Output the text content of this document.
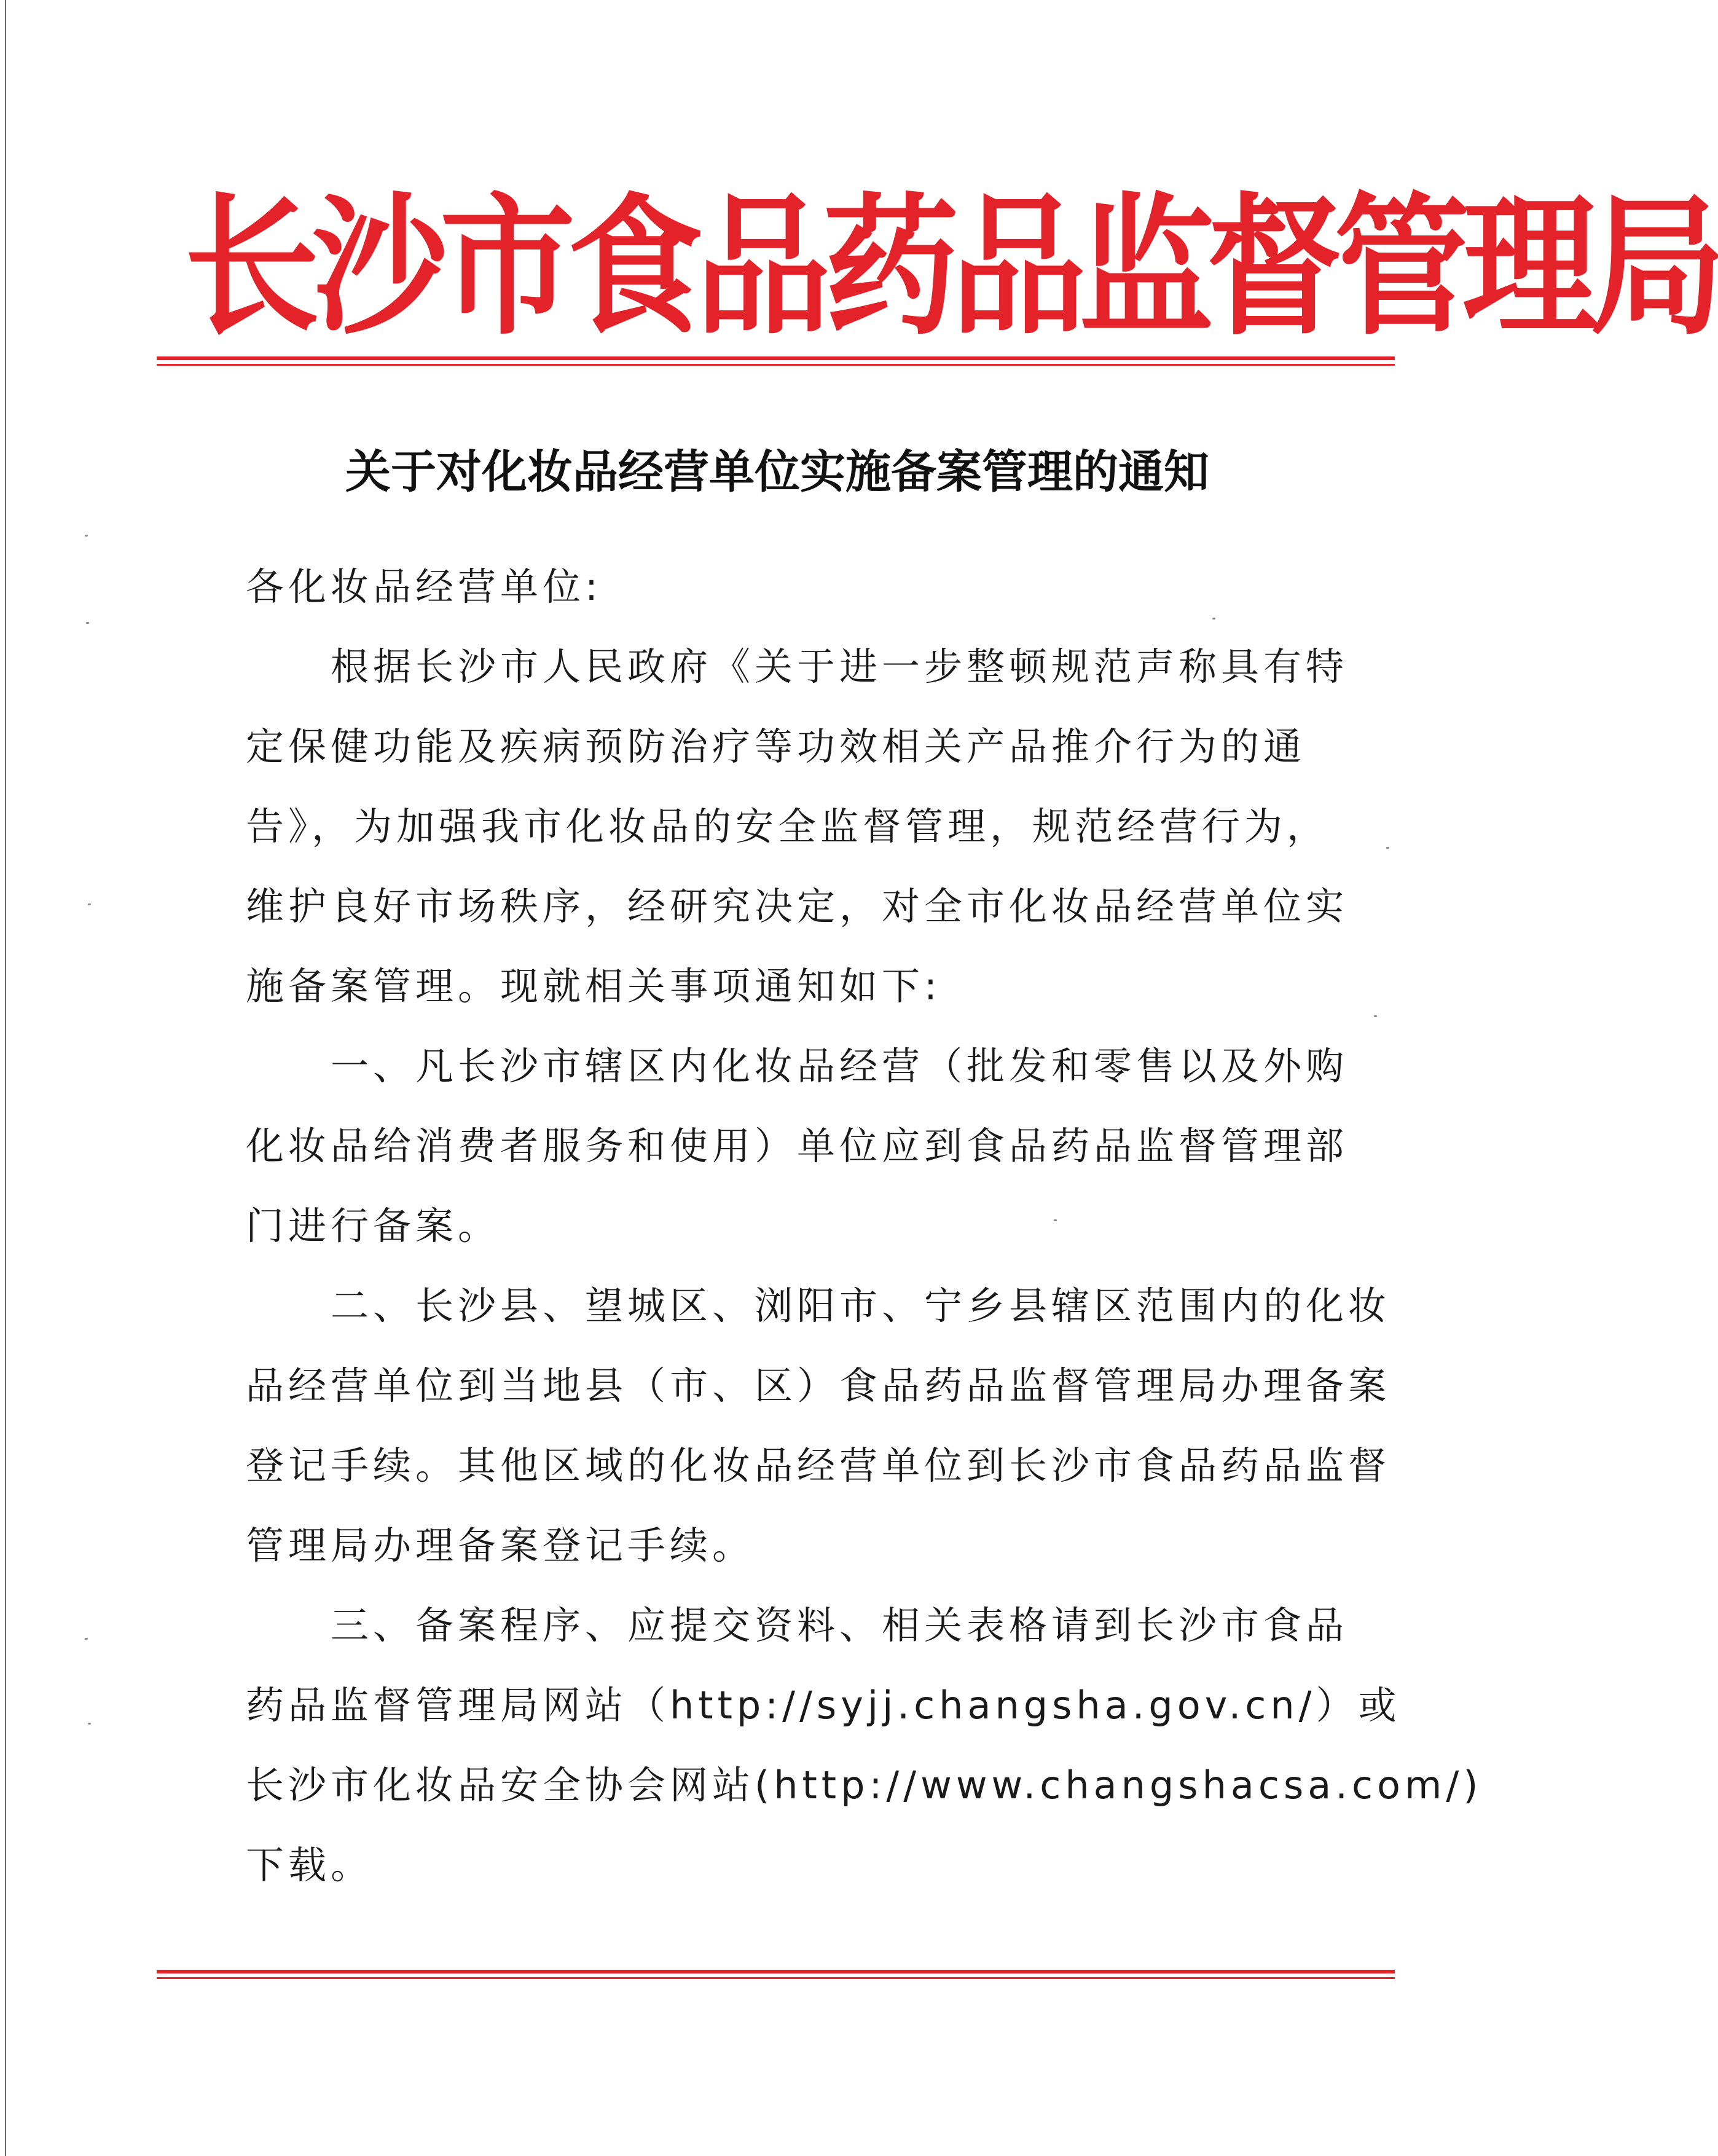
长沙市食品药品监督管理局
关于对化妆品经营单位实施备案管理的通知
各化妆品经营单位:
　　根据长沙市人民政府《关于进一步整顿规范声称具有特
定保健功能及疾病预防治疗等功效相关产品推介行为的通
告》，为加强我市化妆品的安全监督管理，规范经营行为，
维护良好市场秩序，经研究决定，对全市化妆品经营单位实
施备案管理。现就相关事项通知如下:
　　一、凡长沙市辖区内化妆品经营（批发和零售以及外购
化妆品给消费者服务和使用）单位应到食品药品监督管理部
门进行备案。
　　二、长沙县、望城区、浏阳市、宁乡县辖区范围内的化妆
品经营单位到当地县（市、区）食品药品监督管理局办理备案
登记手续。其他区域的化妆品经营单位到长沙市食品药品监督
管理局办理备案登记手续。
　　三、备案程序、应提交资料、相关表格请到长沙市食品
药品监督管理局网站（http://syjj.changsha.gov.cn/）或
长沙市化妆品安全协会网站(http://www.changshacsa.com/)
下载。
